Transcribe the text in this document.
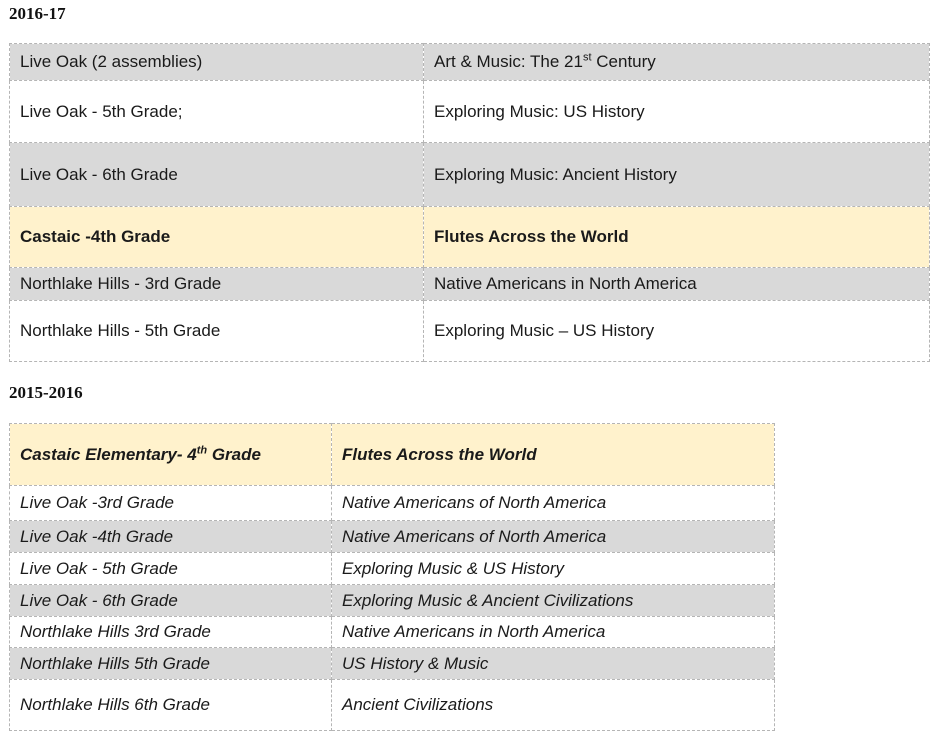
2016-17
Live Oak (2 assemblies)	Art & Music: The 21st Century
Live Oak - 5th Grade;	Exploring Music: US History
Live Oak - 6th Grade	Exploring Music: Ancient History
Castaic -4th Grade	Flutes Across the World
Northlake Hills - 3rd Grade	Native Americans in North America
Northlake Hills - 5th Grade	Exploring Music – US History
2015-2016
Castaic Elementary- 4th Grade	Flutes Across the World
Live Oak -3rd Grade	Native Americans of North America
Live Oak -4th Grade	Native Americans of North America
Live Oak - 5th Grade	Exploring Music & US History
Live Oak - 6th Grade	Exploring Music & Ancient Civilizations
Northlake Hills 3rd Grade	Native Americans in North America
Northlake Hills 5th Grade	US History & Music
Northlake Hills 6th Grade	Ancient Civilizations
